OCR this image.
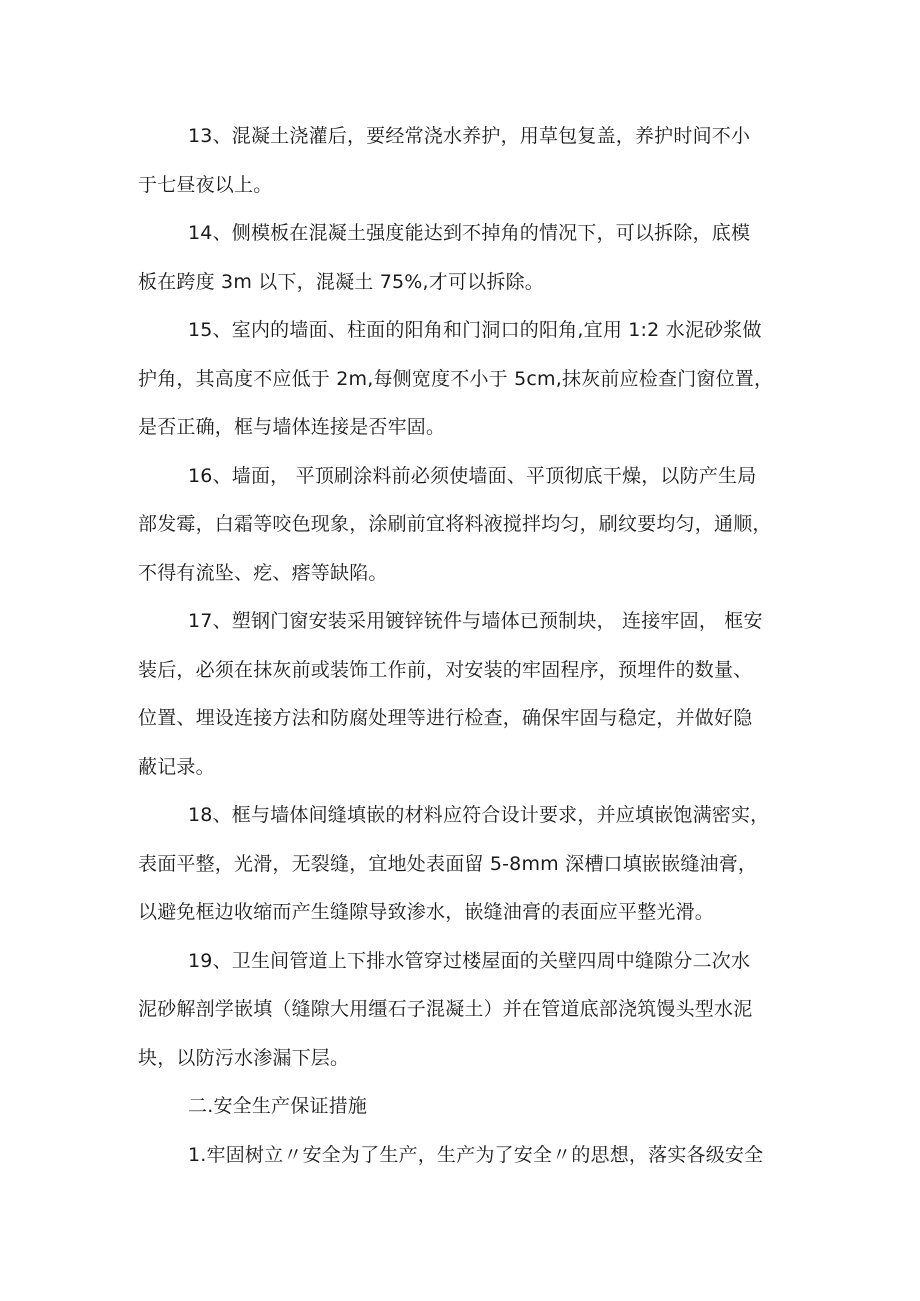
13、混凝土浇灌后，要经常浇水养护，用草包复盖，养护时间不小
于七昼夜以上。

14、侧模板在混凝土强度能达到不掉角的情况下，可以拆除，底模
板在跨度 3m 以下，混凝土 75%,才可以拆除。

15、室内的墙面、柱面的阳角和门洞口的阳角,宜用 1:2 水泥砂浆做
护角，其高度不应低于 2m,每侧宽度不小于 5cm,抹灰前应检查门窗位置，
是否正确，框与墙体连接是否牢固。

16、墙面， 平顶刷涂料前必须使墙面、平顶彻底干燥，以防产生局
部发霉，白霜等咬色现象，涂刷前宜将料液搅拌均匀，刷纹要均匀，通顺，
不得有流坠、疙、瘩等缺陷。

17、塑钢门窗安装采用镀锌铳件与墙体已预制块， 连接牢固， 框安
装后，必须在抹灰前或装饰工作前，对安装的牢固程序，预埋件的数量、
位置、埋设连接方法和防腐处理等进行检查，确保牢固与稳定，并做好隐
蔽记录。

18、框与墙体间缝填嵌的材料应符合设计要求，并应填嵌饱满密实，
表面平整，光滑，无裂缝，宜地处表面留 5-8mm 深槽口填嵌嵌缝油膏，
以避免框边收缩而产生缝隙导致渗水，嵌缝油膏的表面应平整光滑。

19、卫生间管道上下排水管穿过楼屋面的关壁四周中缝隙分二次水
泥砂解剖学嵌填（缝隙大用缰石子混凝土）并在管道底部浇筑馒头型水泥
块，以防污水渗漏下层。

二.安全生产保证措施

1.牢固树立〃安全为了生产，生产为了安全〃的思想，落实各级安全
